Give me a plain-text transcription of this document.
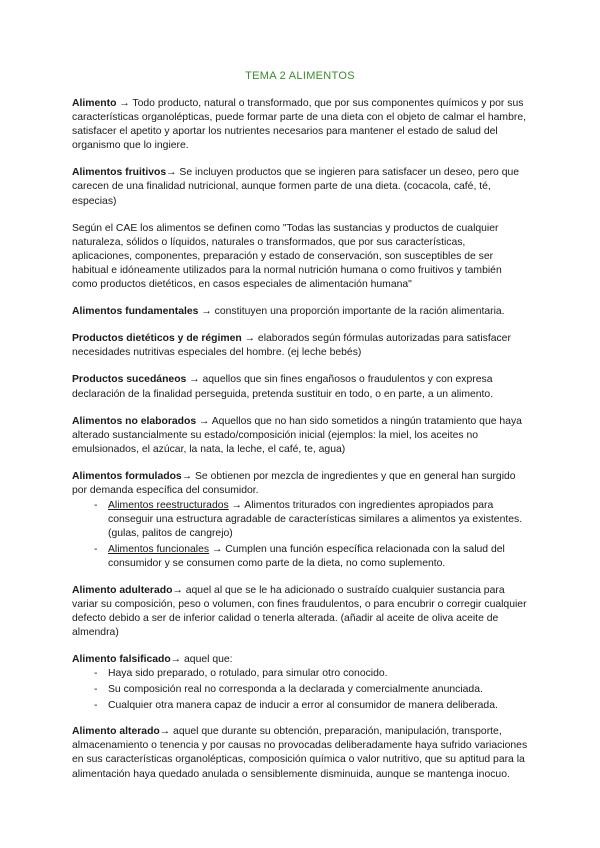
TEMA 2 ALIMENTOS

Alimento → Todo producto, natural o transformado, que por sus componentes químicos y por sus características organolépticas, puede formar parte de una dieta con el objeto de calmar el hambre, satisfacer el apetito y aportar los nutrientes necesarios para mantener el estado de salud del organismo que lo ingiere.

Alimentos fruitivos→ Se incluyen productos que se ingieren para satisfacer un deseo, pero que carecen de una finalidad nutricional, aunque formen parte de una dieta. (cocacola, café, té, especias)

Según el CAE los alimentos se definen como "Todas las sustancias y productos de cualquier naturaleza, sólidos o líquidos, naturales o transformados, que por sus características, aplicaciones, componentes, preparación y estado de conservación, son susceptibles de ser habitual e idóneamente utilizados para la normal nutrición humana o como fruitivos y también como productos dietéticos, en casos especiales de alimentación humana"

Alimentos fundamentales → constituyen una proporción importante de la ración alimentaria.

Productos dietéticos y de régimen → elaborados según fórmulas autorizadas para satisfacer necesidades nutritivas especiales del hombre. (ej leche bebés)

Productos sucedáneos → aquellos que sin fines engañosos o fraudulentos y con expresa declaración de la finalidad perseguida, pretenda sustituir en todo, o en parte, a un alimento.

Alimentos no elaborados → Aquellos que no han sido sometidos a ningún tratamiento que haya alterado sustancialmente su estado/composición inicial (ejemplos: la miel, los aceites no emulsionados, el azúcar, la nata, la leche, el café, te, agua)

Alimentos formulados→ Se obtienen por mezcla de ingredientes y que en general han surgido por demanda específica del consumidor.

- Alimentos reestructurados → Alimentos triturados con ingredientes apropiados para conseguir una estructura agradable de características similares a alimentos ya existentes. (gulas, palitos de cangrejo)
- Alimentos funcionales → Cumplen una función específica relacionada con la salud del consumidor y se consumen como parte de la dieta, no como suplemento.

Alimento adulterado→ aquel al que se le ha adicionado o sustraído cualquier sustancia para variar su composición, peso o volumen, con fines fraudulentos, o para encubrir o corregir cualquier defecto debido a ser de inferior calidad o tenerla alterada. (añadir al aceite de oliva aceite de almendra)

Alimento falsificado→ aquel que:

- Haya sido preparado, o rotulado, para simular otro conocido.
- Su composición real no corresponda a la declarada y comercialmente anunciada.
- Cualquier otra manera capaz de inducir a error al consumidor de manera deliberada.

Alimento alterado→ aquel que durante su obtención, preparación, manipulación, transporte, almacenamiento o tenencia y por causas no provocadas deliberadamente haya sufrido variaciones en sus características organolépticas, composición química o valor nutritivo, que su aptitud para la alimentación haya quedado anulada o sensiblemente disminuida, aunque se mantenga inocuo.
